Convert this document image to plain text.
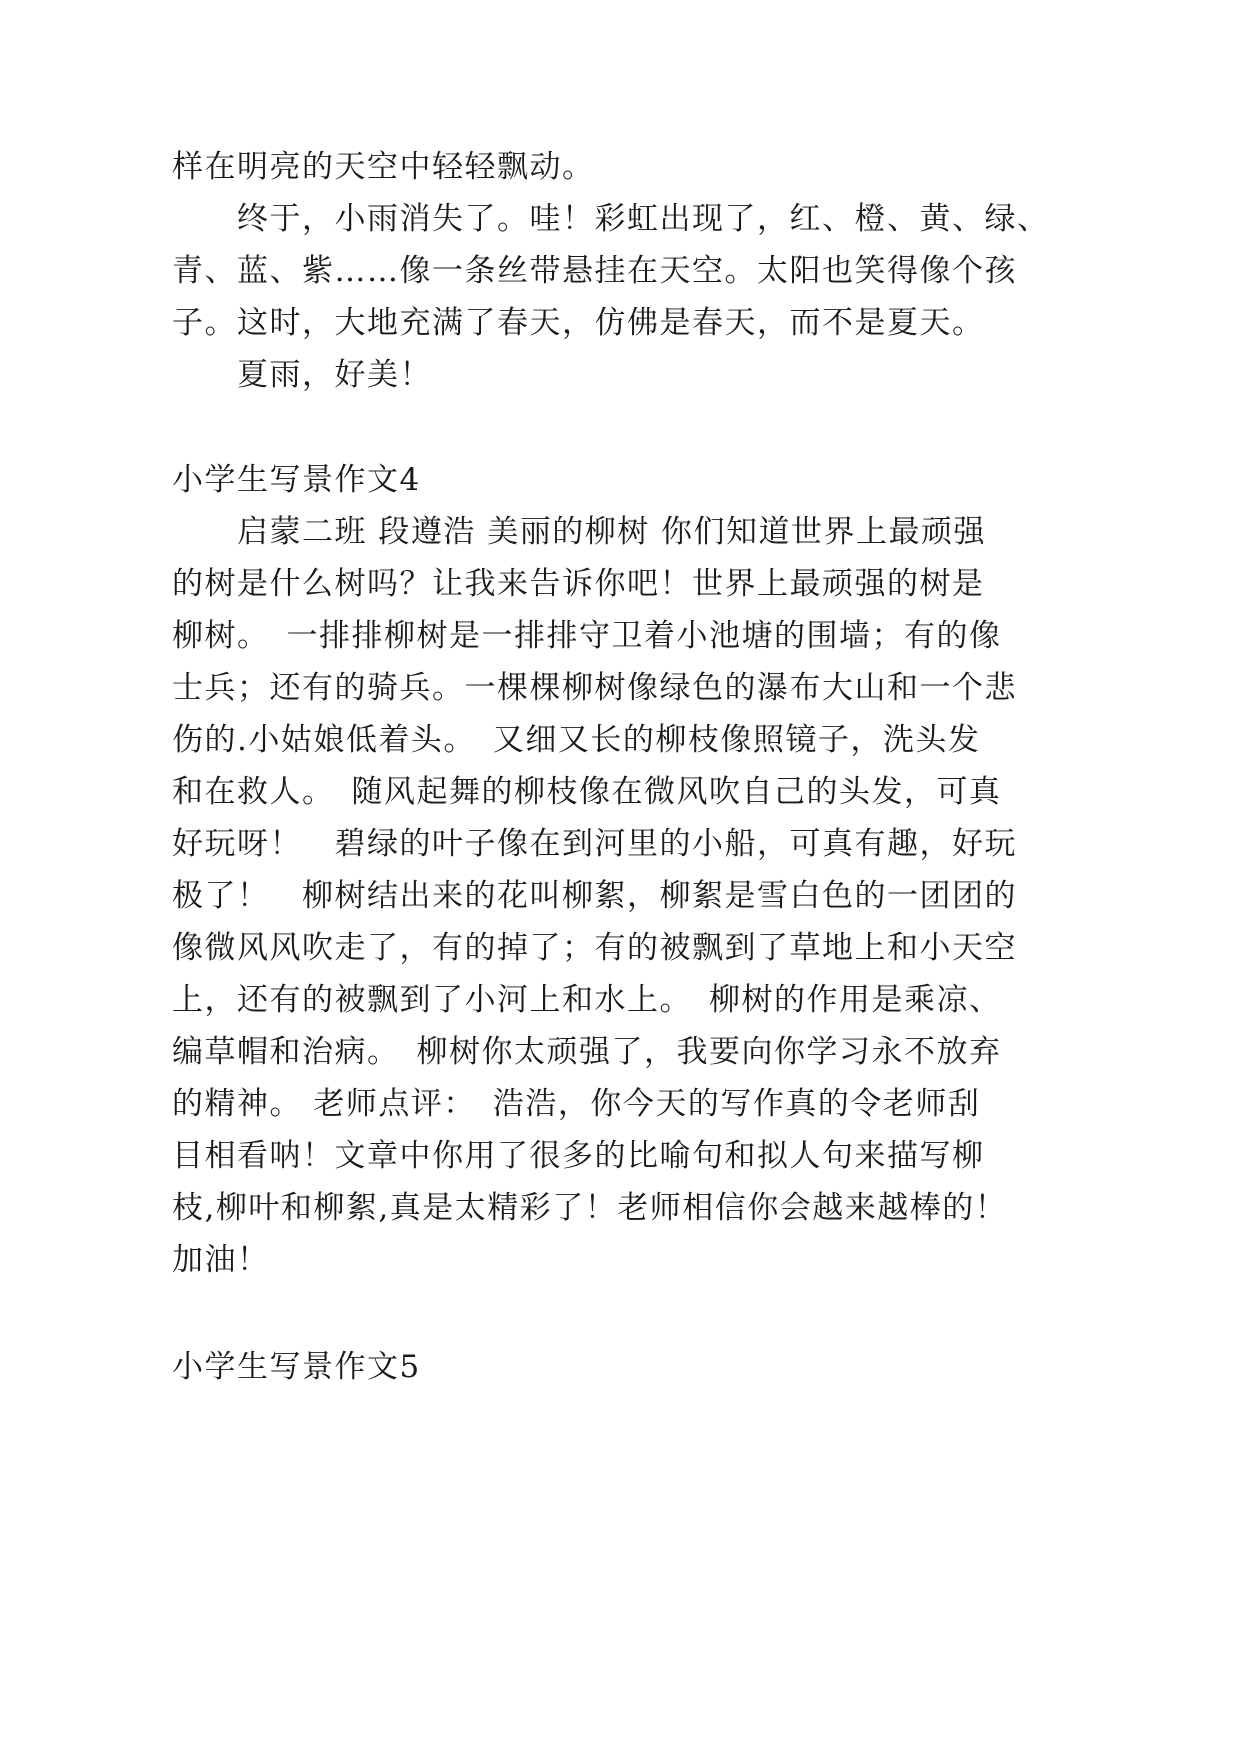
样在明亮的天空中轻轻飘动。
　　终于，小雨消失了。哇！彩虹出现了，红、橙、黄、绿、
青、蓝、紫……像一条丝带悬挂在天空。太阳也笑得像个孩
子。这时，大地充满了春天，仿佛是春天，而不是夏天。
　　夏雨，好美！
小学生写景作文4
　　启蒙二班 段遵浩 美丽的柳树 你们知道世界上最顽强
的树是什么树吗？让我来告诉你吧！世界上最顽强的树是
柳树。　一排排柳树是一排排守卫着小池塘的围墙；有的像
士兵；还有的骑兵。一棵棵柳树像绿色的瀑布大山和一个悲
伤的.小姑娘低着头。　又细又长的柳枝像照镜子，洗头发
和在救人。　随风起舞的柳枝像在微风吹自己的头发，可真
好玩呀！　碧绿的叶子像在到河里的小船，可真有趣，好玩
极了！　柳树结出来的花叫柳絮，柳絮是雪白色的一团团的
像微风风吹走了，有的掉了；有的被飘到了草地上和小天空
上，还有的被飘到了小河上和水上。　柳树的作用是乘凉、
编草帽和治病。　柳树你太顽强了，我要向你学习永不放弃
的精神。 老师点评：　浩浩，你今天的写作真的令老师刮
目相看呐！文章中你用了很多的比喻句和拟人句来描写柳
枝,柳叶和柳絮,真是太精彩了！老师相信你会越来越棒的！
加油！
小学生写景作文5
